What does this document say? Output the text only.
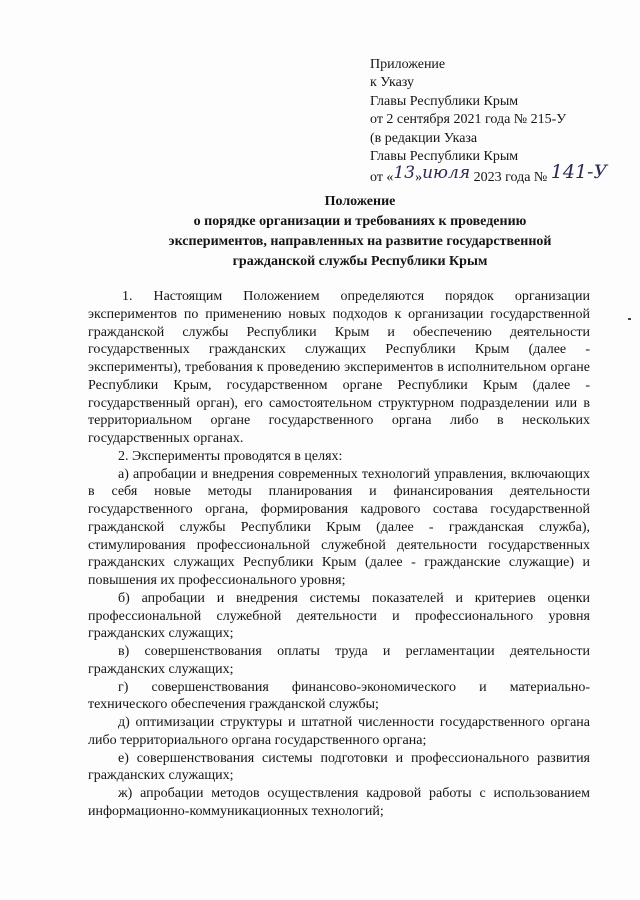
Приложение
к Указу
Главы Республики Крым
от 2 сентября 2021 года № 215-У
(в редакции Указа
Главы Республики Крым
от «13»июля 2023 года № 141-У
Положение
о порядке организации и требованиях к проведению
экспериментов, направленных на развитие государственной
гражданской службы Республики Крым

1. Настоящим Положением определяются порядок организации экспериментов по применению новых подходов к организации государственной гражданской службы Республики Крым и обеспечению деятельности государственных гражданских служащих Республики Крым (далее - эксперименты), требования к проведению экспериментов в исполнительном органе Республики Крым, государственном органе Республики Крым (далее - государственный орган), его самостоятельном структурном подразделении или в территориальном органе государственного органа либо в нескольких государственных органах.

2. Эксперименты проводятся в целях:

а) апробации и внедрения современных технологий управления, включающих в себя новые методы планирования и финансирования деятельности государственного органа, формирования кадрового состава государственной гражданской службы Республики Крым (далее - гражданская служба), стимулирования профессиональной служебной деятельности государственных гражданских служащих Республики Крым (далее - гражданские служащие) и повышения их профессионального уровня;

б) апробации и внедрения системы показателей и критериев оценки профессиональной служебной деятельности и профессионального уровня гражданских служащих;

в) совершенствования оплаты труда и регламентации деятельности гражданских служащих;

г) совершенствования финансово-экономического и материально-технического обеспечения гражданской службы;

д) оптимизации структуры и штатной численности государственного органа либо территориального органа государственного органа;

е) совершенствования системы подготовки и профессионального развития гражданских служащих;

ж) апробации методов осуществления кадровой работы с использованием информационно-коммуникационных технологий;
